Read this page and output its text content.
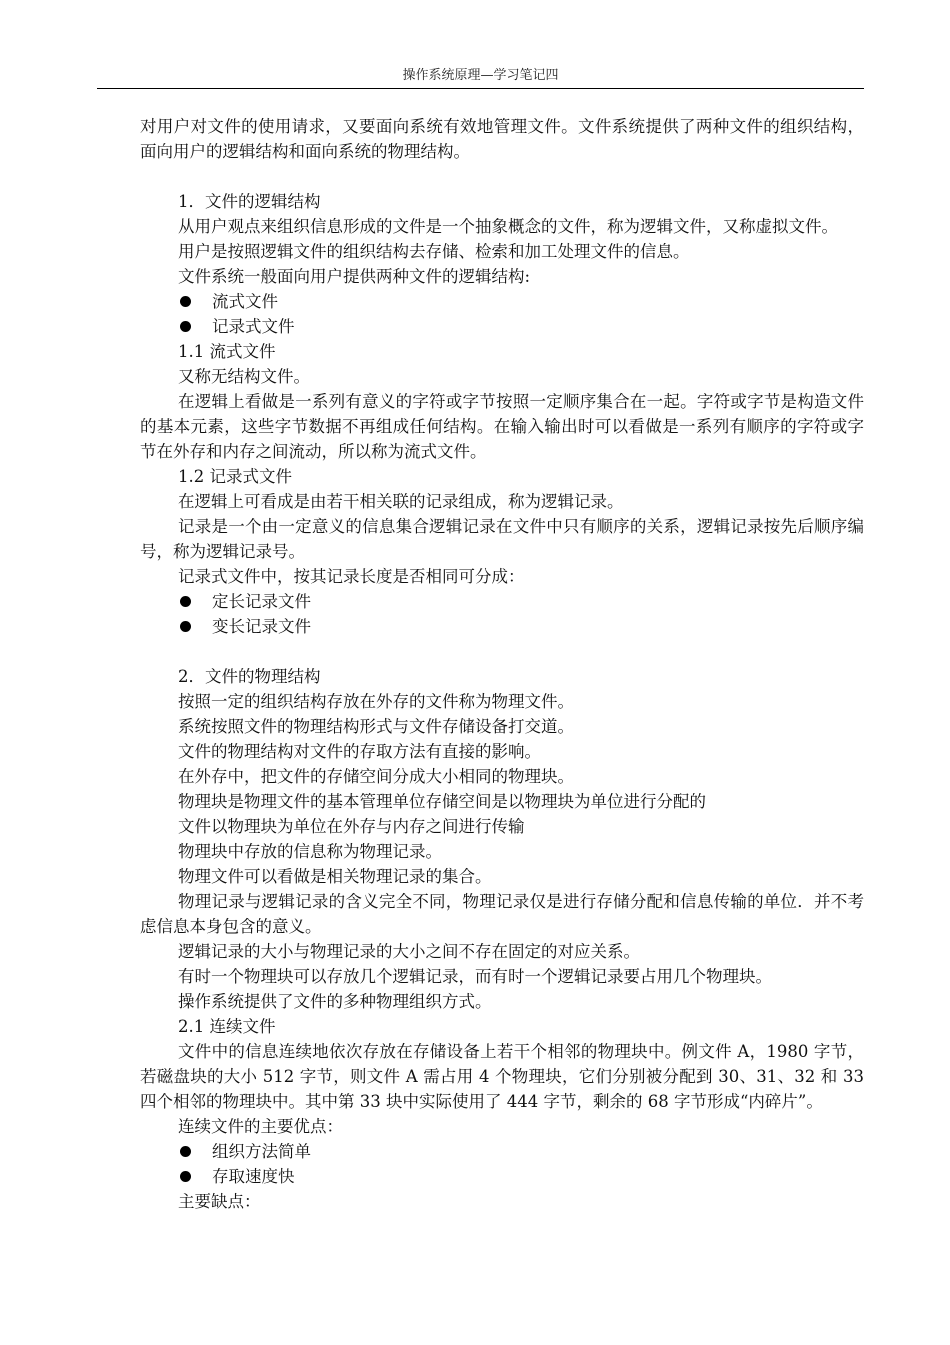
操作系统原理—学习笔记四

对用户对文件的使用请求，又要面向系统有效地管理文件。文件系统提供了两种文件的组织结构，面向用户的逻辑结构和面向系统的物理结构。

1．文件的逻辑结构

从用户观点来组织信息形成的文件是一个抽象概念的文件，称为逻辑文件，又称虚拟文件。

用户是按照逻辑文件的组织结构去存储、检索和加工处理文件的信息。

文件系统一般面向用户提供两种文件的逻辑结构:

流式文件

记录式文件

1.1 流式文件

又称无结构文件。

在逻辑上看做是一系列有意义的字符或字节按照一定顺序集合在一起。字符或字节是构造文件的基本元素，这些字节数据不再组成任何结构。在输入输出时可以看做是一系列有顺序的字符或字节在外存和内存之间流动，所以称为流式文件。

1.2 记录式文件

在逻辑上可看成是由若干相关联的记录组成，称为逻辑记录。

记录是一个由一定意义的信息集合逻辑记录在文件中只有顺序的关系，逻辑记录按先后顺序编号，称为逻辑记录号。

记录式文件中，按其记录长度是否相同可分成：

定长记录文件

变长记录文件

2．文件的物理结构

按照一定的组织结构存放在外存的文件称为物理文件。

系统按照文件的物理结构形式与文件存储设备打交道。

文件的物理结构对文件的存取方法有直接的影响。

在外存中，把文件的存储空间分成大小相同的物理块。

物理块是物理文件的基本管理单位存储空间是以物理块为单位进行分配的

文件以物理块为单位在外存与内存之间进行传输

物理块中存放的信息称为物理记录。

物理文件可以看做是相关物理记录的集合。

物理记录与逻辑记录的含义完全不同，物理记录仅是进行存储分配和信息传输的单位．并不考虑信息本身包含的意义。

逻辑记录的大小与物理记录的大小之间不存在固定的对应关系。

有时一个物理块可以存放几个逻辑记录，而有时一个逻辑记录要占用几个物理块。

操作系统提供了文件的多种物理组织方式。

2.1 连续文件

文件中的信息连续地依次存放在存储设备上若干个相邻的物理块中。例文件 A，1980 字节，若磁盘块的大小 512 字节，则文件 A 需占用 4 个物理块，它们分别被分配到 30、31、32 和 33 四个相邻的物理块中。其中第 33 块中实际使用了 444 字节，剩余的 68 字节形成“内碎片”。

连续文件的主要优点：

组织方法简单

存取速度快

主要缺点：
